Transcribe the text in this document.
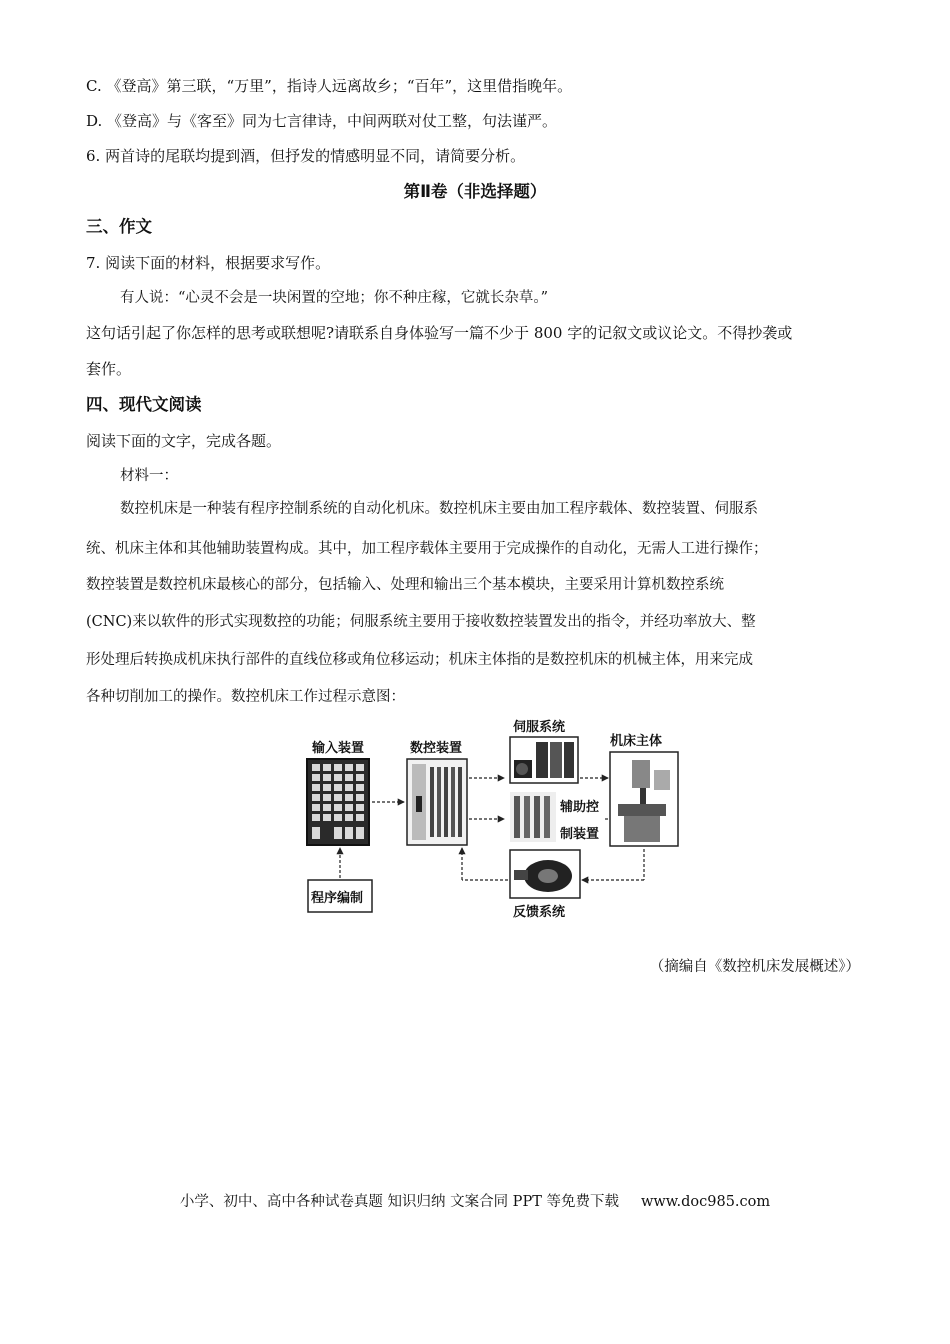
C. 《登高》第三联，“万里”，指诗人远离故乡；“百年”，这里借指晚年。
D. 《登高》与《客至》同为七言律诗，中间两联对仗工整，句法谨严。
6. 两首诗的尾联均提到酒，但抒发的情感明显不同，请简要分析。
第Ⅱ卷（非选择题）
三、作文
7. 阅读下面的材料，根据要求写作。
有人说：“心灵不会是一块闲置的空地；你不种庄稼，它就长杂草。”
这句话引起了你怎样的思考或联想呢?请联系自身体验写一篇不少于 800 字的记叙文或议论文。不得抄袭或
套作。
四、现代文阅读
阅读下面的文字，完成各题。
材料一：
数控机床是一种装有程序控制系统的自动化机床。数控机床主要由加工程序载体、数控装置、伺服系
统、机床主体和其他辅助装置构成。其中，加工程序载体主要用于完成操作的自动化，无需人工进行操作；
数控装置是数控机床最核心的部分，包括输入、处理和输出三个基本模块，主要采用计算机数控系统
(CNC)来以软件的形式实现数控的功能；伺服系统主要用于接收数控装置发出的指令，并经功率放大、整
形处理后转换成机床执行部件的直线位移或角位移运动；机床主体指的是数控机床的机械主体，用来完成
各种切削加工的操作。数控机床工作过程示意图：
输入装置
程序编制
数控装置
伺服系统
辅助控
制装置
机床主体
反馈系统
（摘编自《数控机床发展概述》）
小学、初中、高中各种试卷真题 知识归纳 文案合同 PPT 等免费下载 www.doc985.com
